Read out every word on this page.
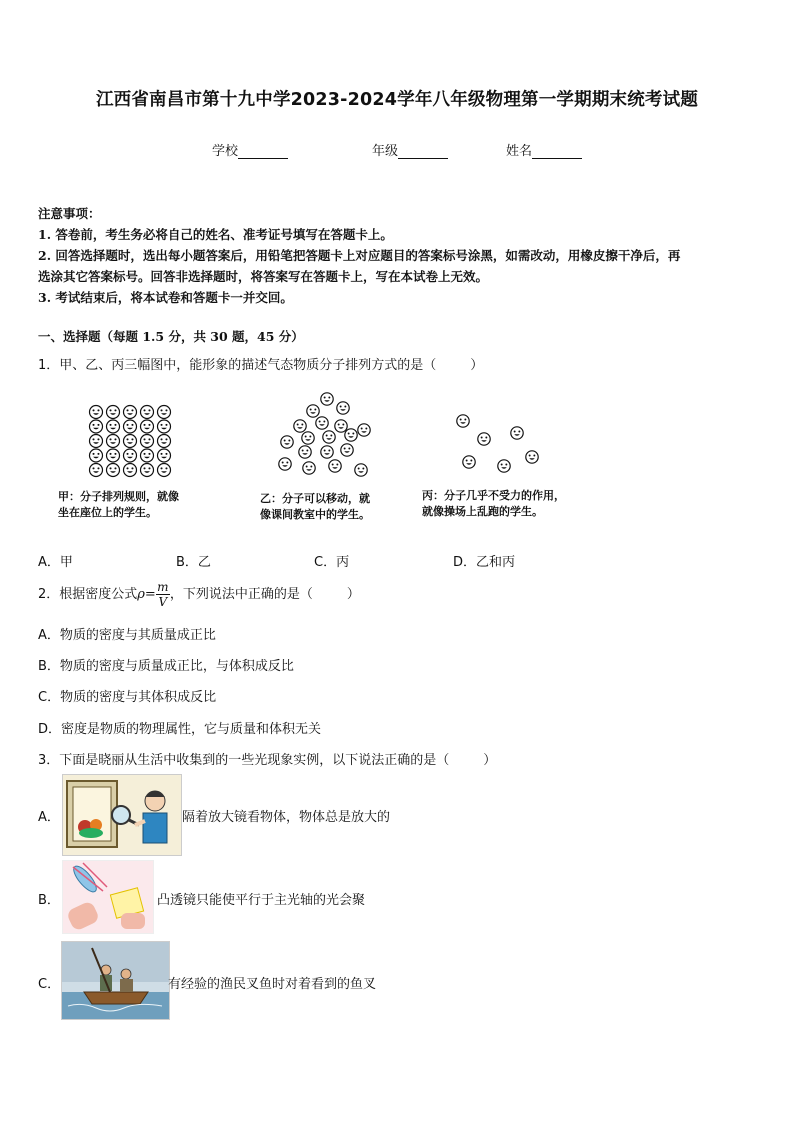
江西省南昌市第十九中学2023-2024学年八年级物理第一学期期末统考试题
学校	年级	姓名
注意事项：
1. 答卷前，考生务必将自己的姓名、准考证号填写在答题卡上。
2. 回答选择题时，选出每小题答案后，用铅笔把答题卡上对应题目的答案标号涂黑，如需改动，用橡皮擦干净后，再
选涂其它答案标号。回答非选择题时，将答案写在答题卡上，写在本试卷上无效。
3. 考试结束后，将本试卷和答题卡一并交回。
一、选择题（每题 1.5 分，共 30 题，45 分）
1．甲、乙、丙三幅图中，能形象的描述气态物质分子排列方式的是（	）
甲：分子排列规则，就像
坐在座位上的学生。
乙：分子可以移动，就
像课间教室中的学生。
丙：分子几乎不受力的作用，
就像操场上乱跑的学生。
A．甲	B．乙	C．丙	D．乙和丙
2．根据密度公式$\rho= \frac{m}{V}$ ，下列说法中正确的是（	）
A．物质的密度与其质量成正比
B．物质的密度与质量成正比，与体积成反比
C．物质的密度与其体积成反比
D．密度是物质的物理属性，它与质量和体积无关
3．下面是晓丽从生活中收集到的一些光现象实例，以下说法正确的是（	）
A．	隔着放大镜看物体，物体总是放大的
B．	凸透镜只能使平行于主光轴的光会聚
C．	有经验的渔民叉鱼时对着看到的鱼叉
